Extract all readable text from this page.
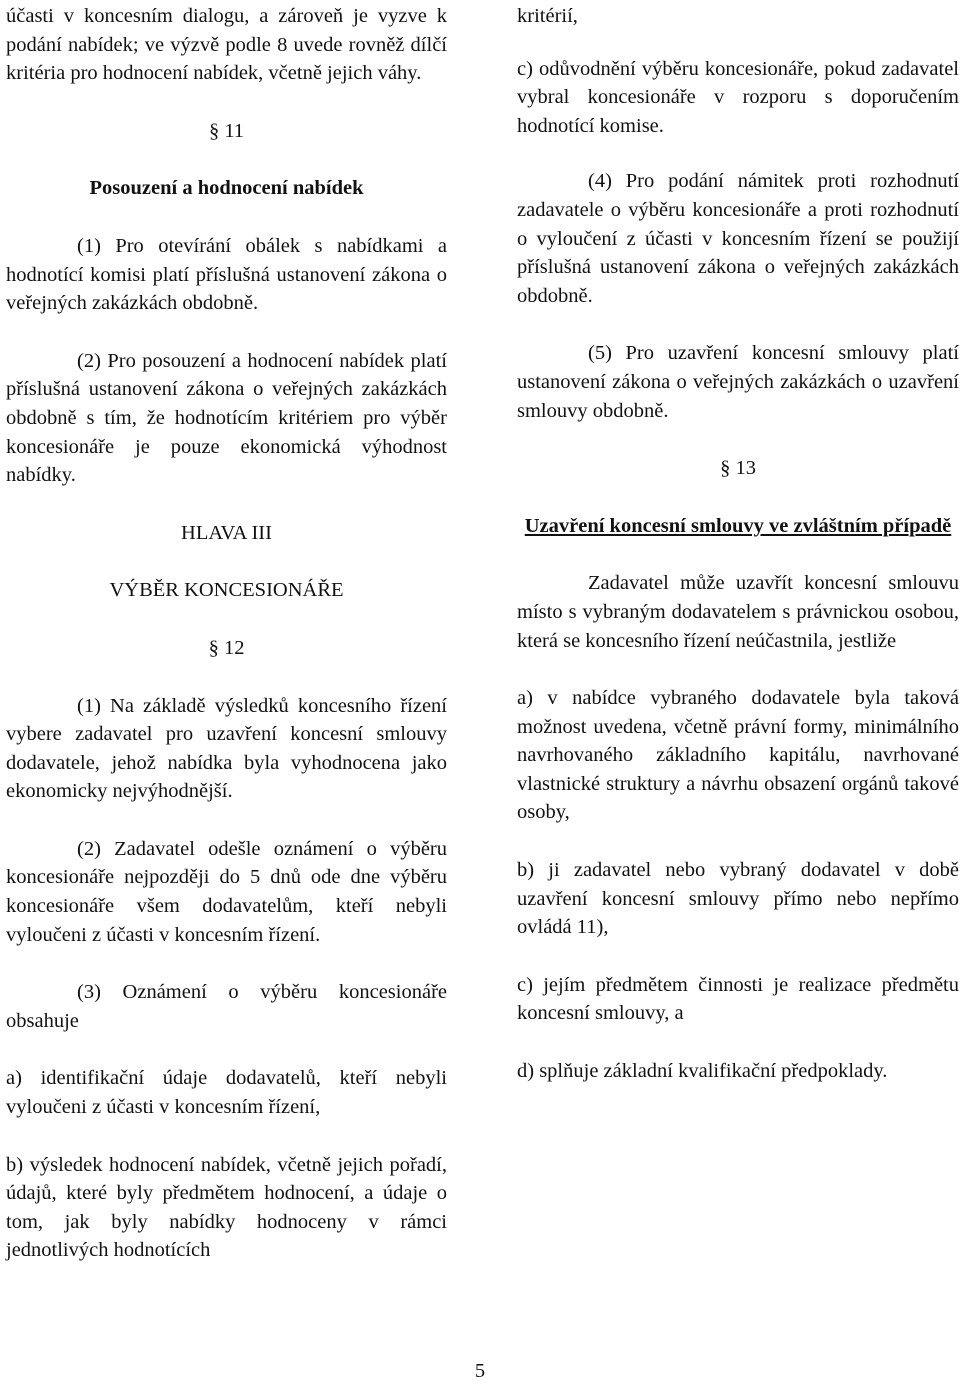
účasti v koncesním dialogu, a zároveň je vyzve k podání nabídek; ve výzvě podle 8 uvede rovněž dílčí kritéria pro hodnocení nabídek, včetně jejich váhy.

§ 11

Posouzení a hodnocení nabídek

(1) Pro otevírání obálek s nabídkami a hodnotící komisi platí příslušná ustanovení zákona o veřejných zakázkách obdobně.

(2) Pro posouzení a hodnocení nabídek platí příslušná ustanovení zákona o veřejných zakázkách obdobně s tím, že hodnotícím kritériem pro výběr koncesionáře je pouze ekonomická výhodnost nabídky.

HLAVA III

VÝBĚR KONCESIONÁŘE

§ 12

(1) Na základě výsledků koncesního řízení vybere zadavatel pro uzavření koncesní smlouvy dodavatele, jehož nabídka byla vyhodnocena jako ekonomicky nejvýhodnější.

(2) Zadavatel odešle oznámení o výběru koncesionáře nejpozději do 5 dnů ode dne výběru koncesionáře všem dodavatelům, kteří nebyli vyloučeni z účasti v koncesním řízení.

(3) Oznámení o výběru koncesionáře obsahuje

a) identifikační údaje dodavatelů, kteří nebyli vyloučeni z účasti v koncesním řízení,

b) výsledek hodnocení nabídek, včetně jejich pořadí, údajů, které byly předmětem hodnocení, a údaje o tom, jak byly nabídky hodnoceny v rámci jednotlivých hodnotících

kritérií,

c) odůvodnění výběru koncesionáře, pokud zadavatel vybral koncesionáře v rozporu s doporučením hodnotící komise.

(4) Pro podání námitek proti rozhodnutí zadavatele o výběru koncesionáře a proti rozhodnutí o vyloučení z účasti v koncesním řízení se použijí příslušná ustanovení zákona o veřejných zakázkách obdobně.

(5) Pro uzavření koncesní smlouvy platí ustanovení zákona o veřejných zakázkách o uzavření smlouvy obdobně.

§ 13

Uzavření koncesní smlouvy ve zvláštním případě

Zadavatel může uzavřít koncesní smlouvu místo s vybraným dodavatelem s právnickou osobou, která se koncesního řízení neúčastnila, jestliže

a) v nabídce vybraného dodavatele byla taková možnost uvedena, včetně právní formy, minimálního navrhovaného základního kapitálu, navrhované vlastnické struktury a návrhu obsazení orgánů takové osoby,

b) ji zadavatel nebo vybraný dodavatel v době uzavření koncesní smlouvy přímo nebo nepřímo ovládá 11),

c) jejím předmětem činnosti je realizace předmětu koncesní smlouvy, a

d) splňuje základní kvalifikační předpoklady.

5
